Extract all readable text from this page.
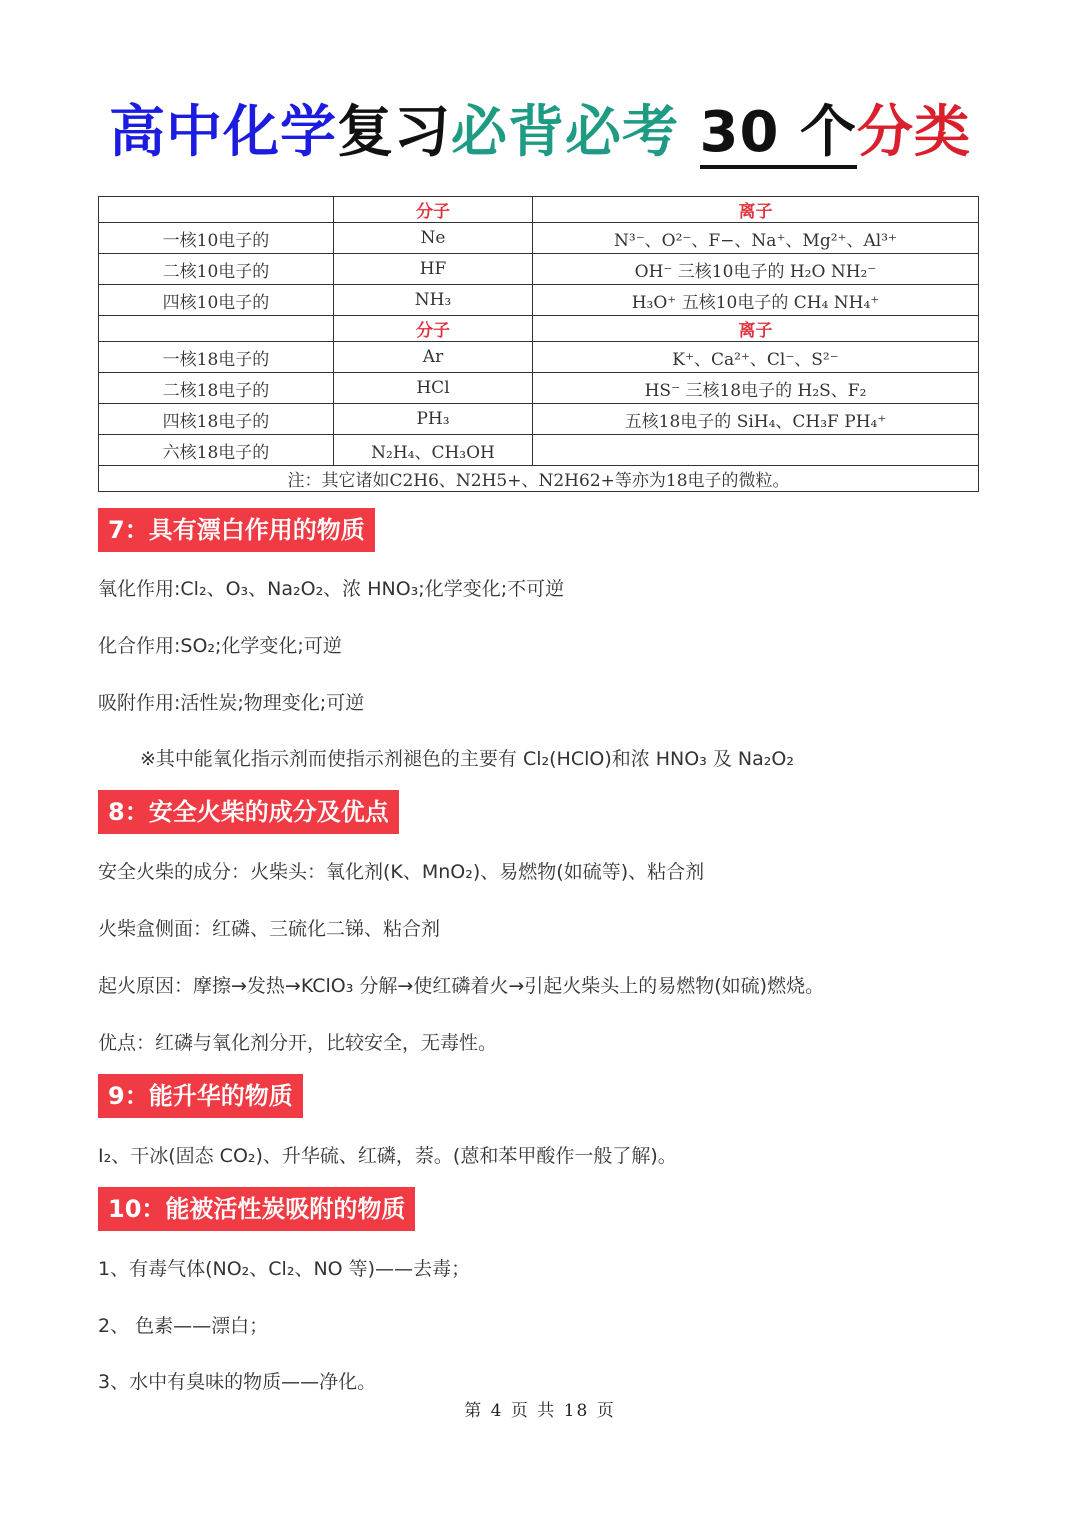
高中化学复习必背必考 30 个分类
	分子	离子
一核10电子的	Ne	N³⁻、O²⁻、F−、Na⁺、Mg²⁺、Al³⁺
二核10电子的	HF	OH⁻ 三核10电子的 H₂O NH₂⁻
四核10电子的	NH₃	H₃O⁺ 五核10电子的 CH₄ NH₄⁺
	分子	离子
一核18电子的	Ar	K⁺、Ca²⁺、Cl⁻、S²⁻
二核18电子的	HCl	HS⁻ 三核18电子的 H₂S、F₂
四核18电子的	PH₃	五核18电子的 SiH₄、CH₃F PH₄⁺
六核18电子的	N₂H₄、CH₃OH	
注：其它诸如C2H6、N2H5+、N2H62+等亦为18电子的微粒。		
7：具有漂白作用的物质
氧化作用:Cl₂、O₃、Na₂O₂、浓 HNO₃;化学变化;不可逆
化合作用:SO₂;化学变化;可逆
吸附作用:活性炭;物理变化;可逆
※其中能氧化指示剂而使指示剂褪色的主要有 Cl₂(HClO)和浓 HNO₃ 及 Na₂O₂
8：安全火柴的成分及优点
安全火柴的成分：火柴头：氧化剂(K、MnO₂)、易燃物(如硫等)、粘合剂
火柴盒侧面：红磷、三硫化二锑、粘合剂
起火原因：摩擦→发热→KClO₃ 分解→使红磷着火→引起火柴头上的易燃物(如硫)燃烧。
优点：红磷与氧化剂分开，比较安全，无毒性。
9：能升华的物质
I₂、干冰(固态 CO₂)、升华硫、红磷，萘。(蒽和苯甲酸作一般了解)。
10：能被活性炭吸附的物质
1、有毒气体(NO₂、Cl₂、NO 等)——去毒；
2、 色素——漂白；
3、水中有臭味的物质——净化。
第 4 页 共 18 页
